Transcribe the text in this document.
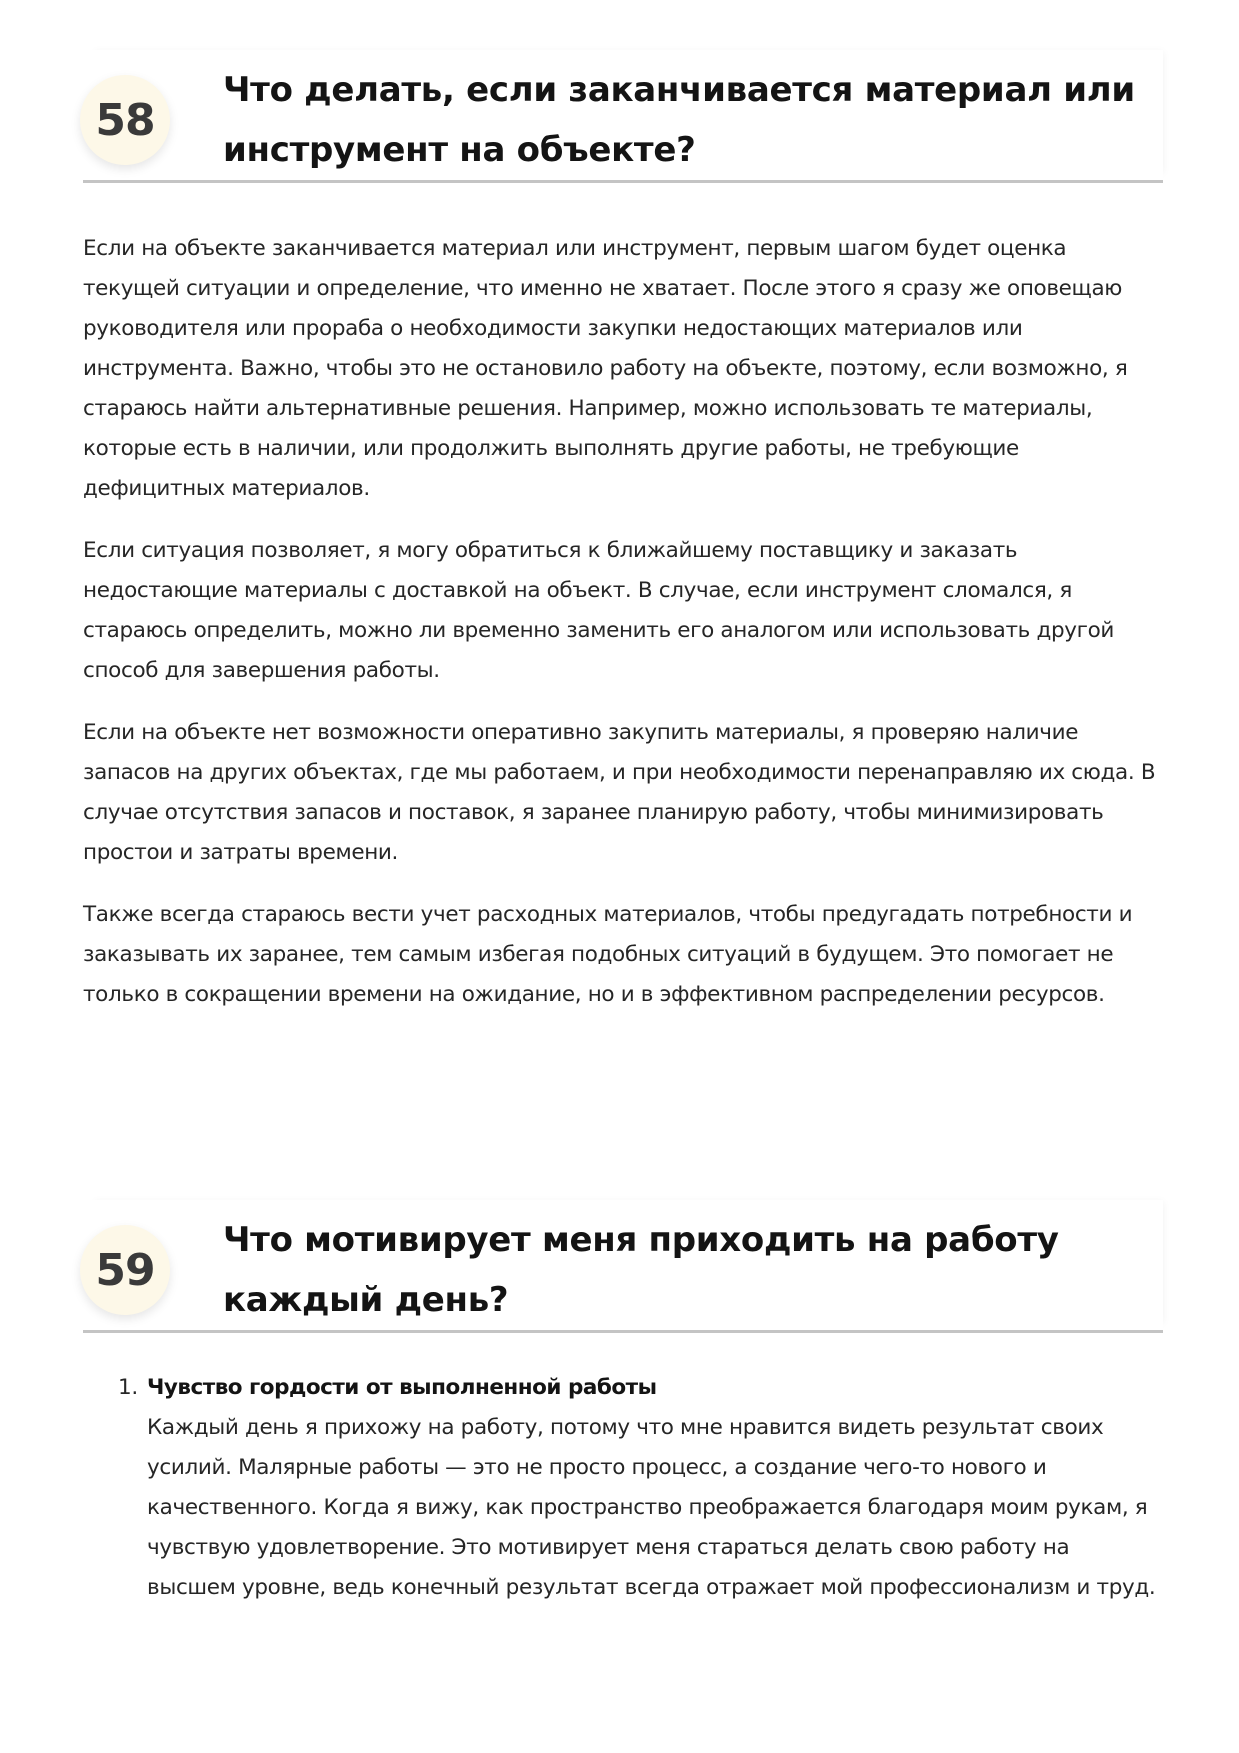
58
Что делать, если заканчивается материал или инструмент на объекте?

Если на объекте заканчивается материал или инструмент, первым шагом будет оценка текущей ситуации и определение, что именно не хватает. После этого я сразу же оповещаю руководителя или прораба о необходимости закупки недостающих материалов или инструмента. Важно, чтобы это не остановило работу на объекте, поэтому, если возможно, я стараюсь найти альтернативные решения. Например, можно использовать те материалы, которые есть в наличии, или продолжить выполнять другие работы, не требующие дефицитных материалов.

Если ситуация позволяет, я могу обратиться к ближайшему поставщику и заказать недостающие материалы с доставкой на объект. В случае, если инструмент сломался, я стараюсь определить, можно ли временно заменить его аналогом или использовать другой способ для завершения работы.

Если на объекте нет возможности оперативно закупить материалы, я проверяю наличие запасов на других объектах, где мы работаем, и при необходимости перенаправляю их сюда. В случае отсутствия запасов и поставок, я заранее планирую работу, чтобы минимизировать простои и затраты времени.

Также всегда стараюсь вести учет расходных материалов, чтобы предугадать потребности и заказывать их заранее, тем самым избегая подобных ситуаций в будущем. Это помогает не только в сокращении времени на ожидание, но и в эффективном распределении ресурсов.

59
Что мотивирует меня приходить на работу каждый день?
1. Чувство гордости от выполненной работы
Каждый день я прихожу на работу, потому что мне нравится видеть результат своих усилий. Малярные работы — это не просто процесс, а создание чего-то нового и качественного. Когда я вижу, как пространство преображается благодаря моим рукам, я чувствую удовлетворение. Это мотивирует меня стараться делать свою работу на высшем уровне, ведь конечный результат всегда отражает мой профессионализм и труд.
